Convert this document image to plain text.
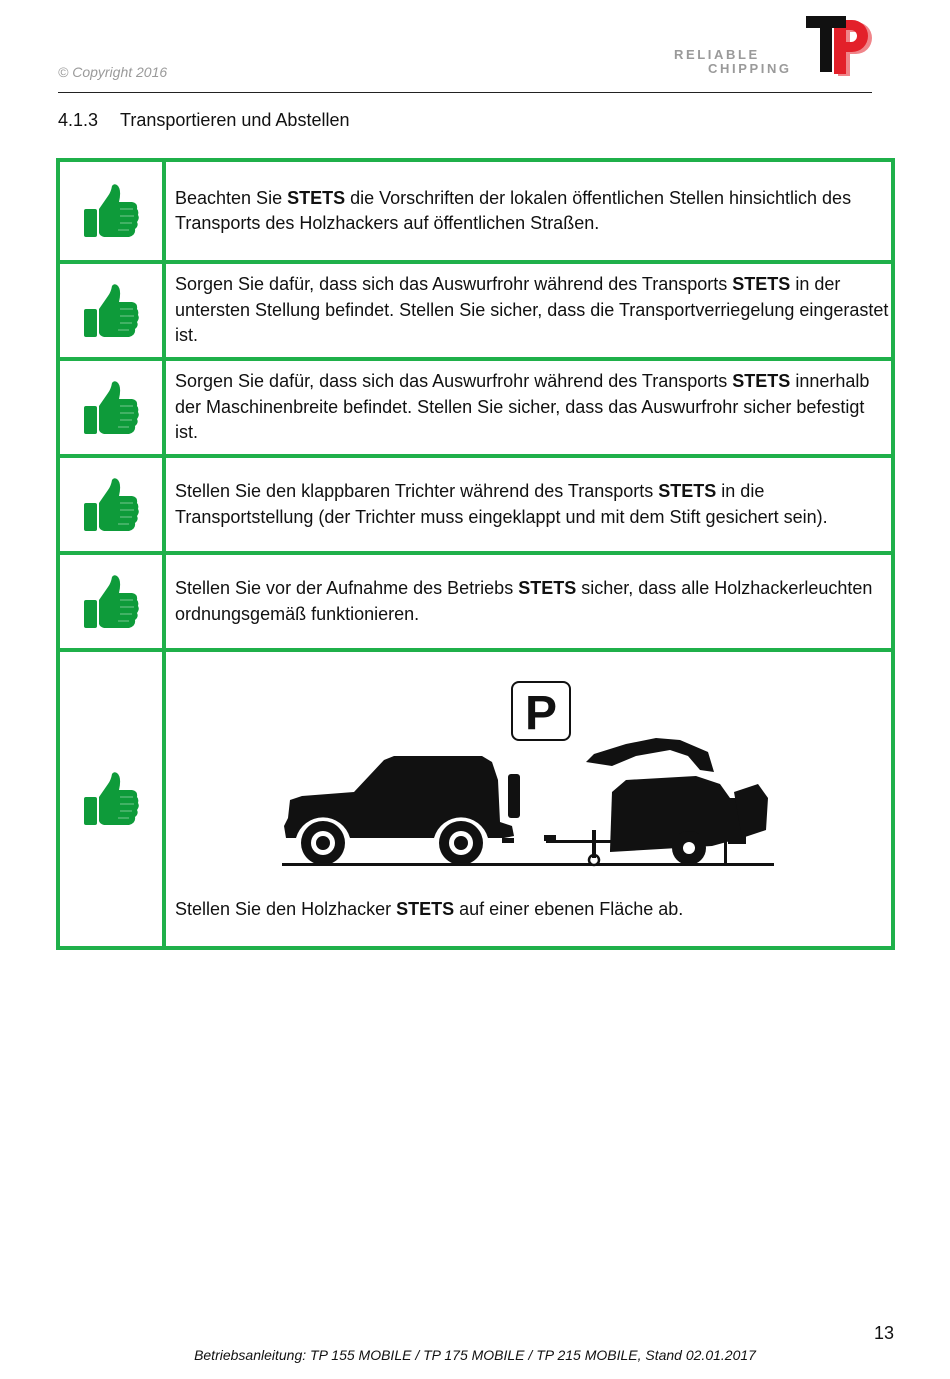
© Copyright 2016
RELIABLE
CHIPPING
4.1.3 Transportieren und Abstellen
Beachten Sie STETS die Vorschriften der lokalen öffentlichen Stellen hinsichtlich des Transports des Holzhackers auf öffentlichen Straßen.
Sorgen Sie dafür, dass sich das Auswurfrohr während des Transports STETS in der untersten Stellung befindet. Stellen Sie sicher, dass die Transportverriegelung eingerastet ist.
Sorgen Sie dafür, dass sich das Auswurfrohr während des Transports STETS innerhalb der Maschinenbreite befindet. Stellen Sie sicher, dass das Auswurfrohr sicher befestigt ist.
Stellen Sie den klappbaren Trichter während des Transports STETS in die Transportstellung (der Trichter muss eingeklappt und mit dem Stift gesichert sein).
Stellen Sie vor der Aufnahme des Betriebs STETS sicher, dass alle Holzhackerleuchten ordnungsgemäß funktionieren.
P
Stellen Sie den Holzhacker STETS auf einer ebenen Fläche ab.
13
Betriebsanleitung: TP 155 MOBILE / TP 175 MOBILE / TP 215 MOBILE, Stand 02.01.2017
